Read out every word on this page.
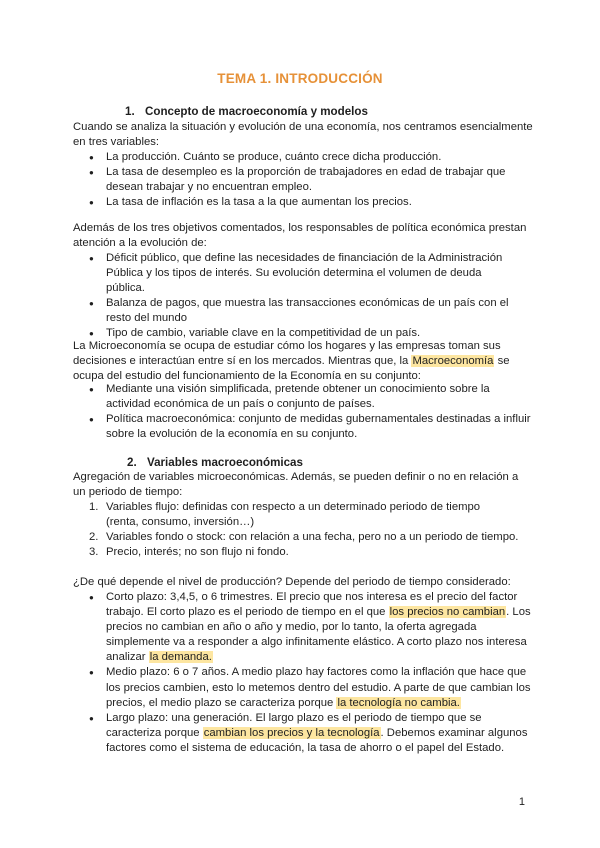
TEMA 1. INTRODUCCIÓN
1. Concepto de macroeconomía y modelos
Cuando se analiza la situación y evolución de una economía, nos centramos esencialmente en tres variables:
● La producción. Cuánto se produce, cuánto crece dicha producción.
● La tasa de desempleo es la proporción de trabajadores en edad de trabajar que desean trabajar y no encuentran empleo.
● La tasa de inflación es la tasa a la que aumentan los precios.
Además de los tres objetivos comentados, los responsables de política económica prestan atención a la evolución de:
● Déficit público, que define las necesidades de financiación de la Administración Pública y los tipos de interés. Su evolución determina el volumen de deuda pública.
● Balanza de pagos, que muestra las transacciones económicas de un país con el resto del mundo
● Tipo de cambio, variable clave en la competitividad de un país.
La Microeconomía se ocupa de estudiar cómo los hogares y las empresas toman sus decisiones e interactúan entre sí en los mercados. Mientras que, la Macroeconomía se ocupa del estudio del funcionamiento de la Economía en su conjunto:
● Mediante una visión simplificada, pretende obtener un conocimiento sobre la actividad económica de un país o conjunto de países.
● Política macroeconómica: conjunto de medidas gubernamentales destinadas a influir sobre la evolución de la economía en su conjunto.
2. Variables macroeconómicas
Agregación de variables microeconómicas. Además, se pueden definir o no en relación a un periodo de tiempo:
1. Variables flujo: definidas con respecto a un determinado periodo de tiempo (renta, consumo, inversión…)
2. Variables fondo o stock: con relación a una fecha, pero no a un periodo de tiempo.
3. Precio, interés; no son flujo ni fondo.
¿De qué depende el nivel de producción? Depende del periodo de tiempo considerado:
● Corto plazo: 3,4,5, o 6 trimestres. El precio que nos interesa es el precio del factor trabajo. El corto plazo es el periodo de tiempo en el que los precios no cambian. Los precios no cambian en año o año y medio, por lo tanto, la oferta agregada simplemente va a responder a algo infinitamente elástico. A corto plazo nos interesa analizar la demanda.
● Medio plazo: 6 o 7 años. A medio plazo hay factores como la inflación que hace que los precios cambien, esto lo metemos dentro del estudio. A parte de que cambian los precios, el medio plazo se caracteriza porque la tecnología no cambia.
● Largo plazo: una generación. El largo plazo es el periodo de tiempo que se caracteriza porque cambian los precios y la tecnología. Debemos examinar algunos factores como el sistema de educación, la tasa de ahorro o el papel del Estado.
1
